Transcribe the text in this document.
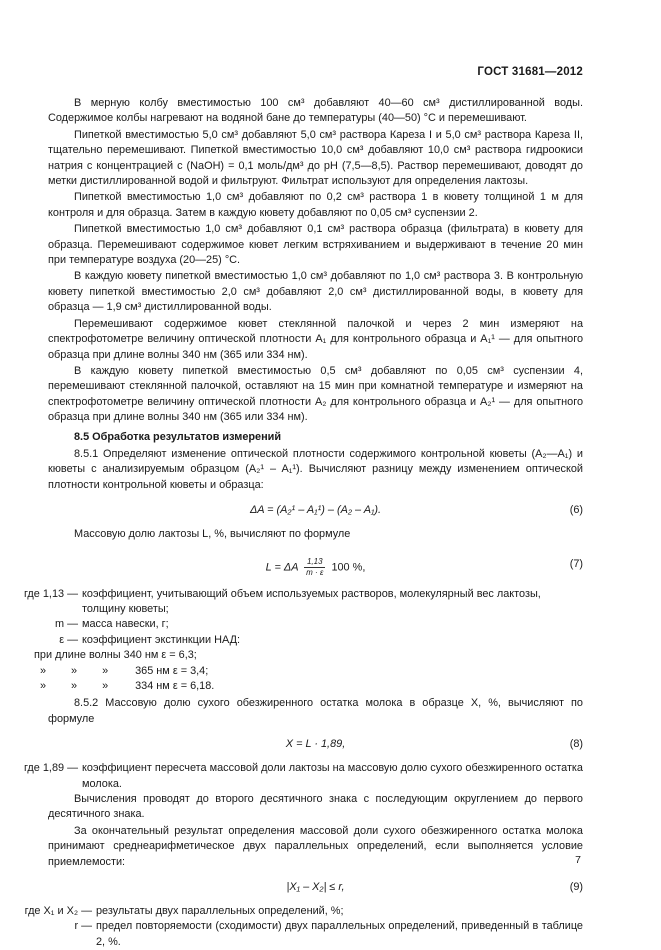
ГОСТ 31681—2012

В мерную колбу вместимостью 100 см³ добавляют 40—60 см³ дистиллированной воды. Содержимое колбы нагревают на водяной бане до температуры (40—50) °С и перемешивают.

Пипеткой вместимостью 5,0 см³ добавляют 5,0 см³ раствора Кареза I и 5,0 см³ раствора Кареза II, тщательно перемешивают. Пипеткой вместимостью 10,0 см³ добавляют 10,0 см³ раствора гидроокиси натрия с концентрацией с (NaOH) = 0,1 моль/дм³ до pH (7,5—8,5). Раствор перемешивают, доводят до метки дистиллированной водой и фильтруют. Фильтрат используют для определения лактозы.

Пипеткой вместимостью 1,0 см³ добавляют по 0,2 см³ раствора 1 в кювету толщиной 1 м для контроля и для образца. Затем в каждую кювету добавляют по 0,05 см³ суспензии 2.

Пипеткой вместимостью 1,0 см³ добавляют 0,1 см³ раствора образца (фильтрата) в кювету для образца. Перемешивают содержимое кювет легким встряхиванием и выдерживают в течение 20 мин при температуре воздуха (20—25) °С.

В каждую кювету пипеткой вместимостью 1,0 см³ добавляют по 1,0 см³ раствора 3. В контрольную кювету пипеткой вместимостью 2,0 см³ добавляют 2,0 см³ дистиллированной воды, в кювету для образца — 1,9 см³ дистиллированной воды.

Перемешивают содержимое кювет стеклянной палочкой и через 2 мин измеряют на спектрофотометре величину оптической плотности A₁ для контрольного образца и A₁¹ — для опытного образца при длине волны 340 нм (365 или 334 нм).

В каждую кювету пипеткой вместимостью 0,5 см³ добавляют по 0,05 см³ суспензии 4, перемешивают стеклянной палочкой, оставляют на 15 мин при комнатной температуре и измеряют на спектрофотометре величину оптической плотности A₂ для контрольного образца и A₂¹ — для опытного образца при длине волны 340 нм (365 или 334 нм).

8.5 Обработка результатов измерений

8.5.1 Определяют изменение оптической плотности содержимого контрольной кюветы (A₂—A₁) и кюветы с анализируемым образцом (A₂¹ – A₁¹). Вычисляют разницу между изменением оптической плотности контрольной кюветы и образца:

ΔA = (A₂¹ – A₁¹) – (A₂ – A₁).	(6)

Массовую долю лактозы L, %, вычисляют по формуле

L = ΔA $\frac{1,13}{m \cdot \varepsilon} 100$ %,	(7)
где 1,13 — коэффициент, учитывающий объем используемых растворов, молекулярный вес лактозы,
толщину кюветы;
m — масса навески, г;
ε — коэффициент экстинкции НАД:
при длине волны 340 нм ε = 6,3;
» » » 365 нм ε = 3,4;
» » » 334 нм ε = 6,18.

8.5.2 Массовую долю сухого обезжиренного остатка молока в образце X, %, вычисляют по формуле

X = L · 1,89,	(8)
где 1,89 — коэффициент пересчета массовой доли лактозы на массовую долю сухого обезжиренного остатка молока.

Вычисления проводят до второго десятичного знака с последующим округлением до первого десятичного знака.

За окончательный результат определения массовой доли сухого обезжиренного остатка молока принимают среднеарифметическое двух параллельных определений, если выполняется условие приемлемости:

|X₁ – X₂| ≤ r,	(9)
где X₁ и X₂ — результаты двух параллельных определений, %;
r — предел повторяемости (сходимости) двух параллельных определений, приведенный в таблице 2, %.
7
